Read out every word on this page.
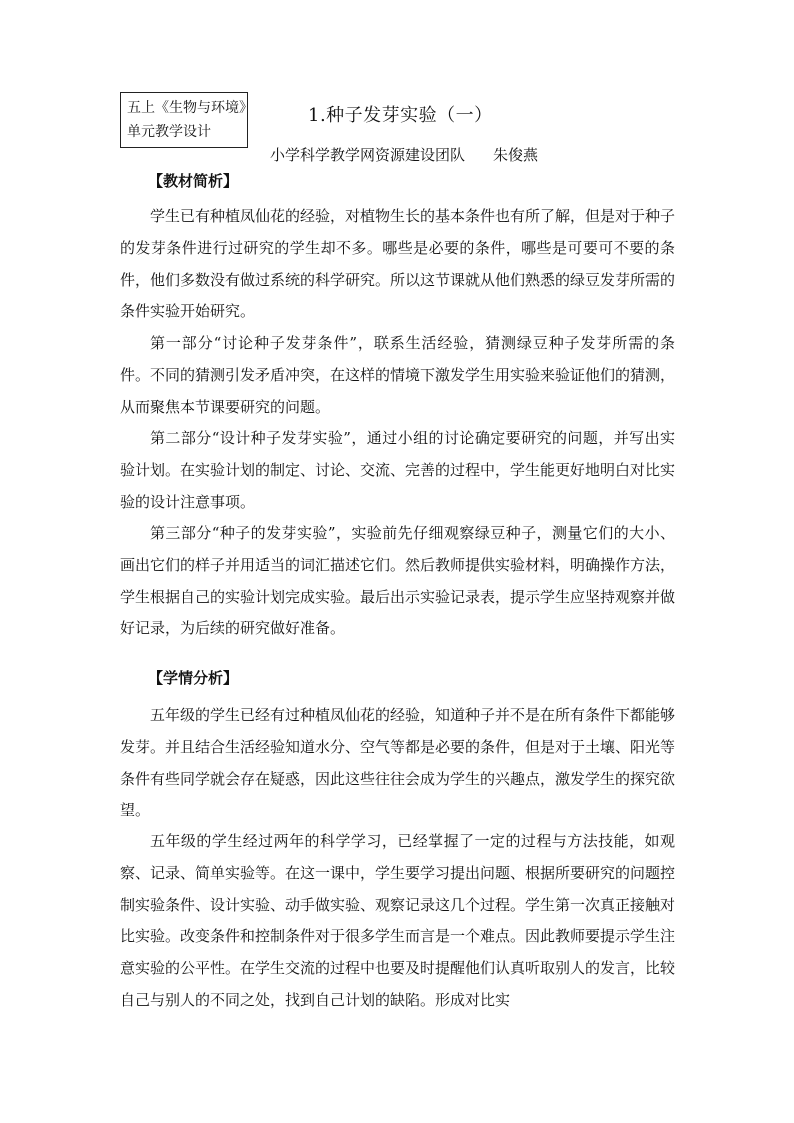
五上《生物与环境》
单元教学设计
1.种子发芽实验（一）
小学科学教学网资源建设团队 朱俊燕
【教材简析】

学生已有种植凤仙花的经验，对植物生长的基本条件也有所了解，但是对于种子的发芽条件进行过研究的学生却不多。哪些是必要的条件，哪些是可要可不要的条件，他们多数没有做过系统的科学研究。所以这节课就从他们熟悉的绿豆发芽所需的条件实验开始研究。

第一部分“讨论种子发芽条件”，联系生活经验，猜测绿豆种子发芽所需的条件。不同的猜测引发矛盾冲突，在这样的情境下激发学生用实验来验证他们的猜测，从而聚焦本节课要研究的问题。

第二部分“设计种子发芽实验”，通过小组的讨论确定要研究的问题，并写出实验计划。在实验计划的制定、讨论、交流、完善的过程中，学生能更好地明白对比实验的设计注意事项。

第三部分“种子的发芽实验”，实验前先仔细观察绿豆种子，测量它们的大小、画出它们的样子并用适当的词汇描述它们。然后教师提供实验材料，明确操作方法，学生根据自己的实验计划完成实验。最后出示实验记录表，提示学生应坚持观察并做好记录，为后续的研究做好准备。

【学情分析】

五年级的学生已经有过种植凤仙花的经验，知道种子并不是在所有条件下都能够发芽。并且结合生活经验知道水分、空气等都是必要的条件，但是对于土壤、阳光等条件有些同学就会存在疑惑，因此这些往往会成为学生的兴趣点，激发学生的探究欲望。

五年级的学生经过两年的科学学习，已经掌握了一定的过程与方法技能，如观察、记录、简单实验等。在这一课中，学生要学习提出问题、根据所要研究的问题控制实验条件、设计实验、动手做实验、观察记录这几个过程。学生第一次真正接触对比实验。改变条件和控制条件对于很多学生而言是一个难点。因此教师要提示学生注意实验的公平性。在学生交流的过程中也要及时提醒他们认真听取别人的发言，比较自己与别人的不同之处，找到自己计划的缺陷。形成对比实
